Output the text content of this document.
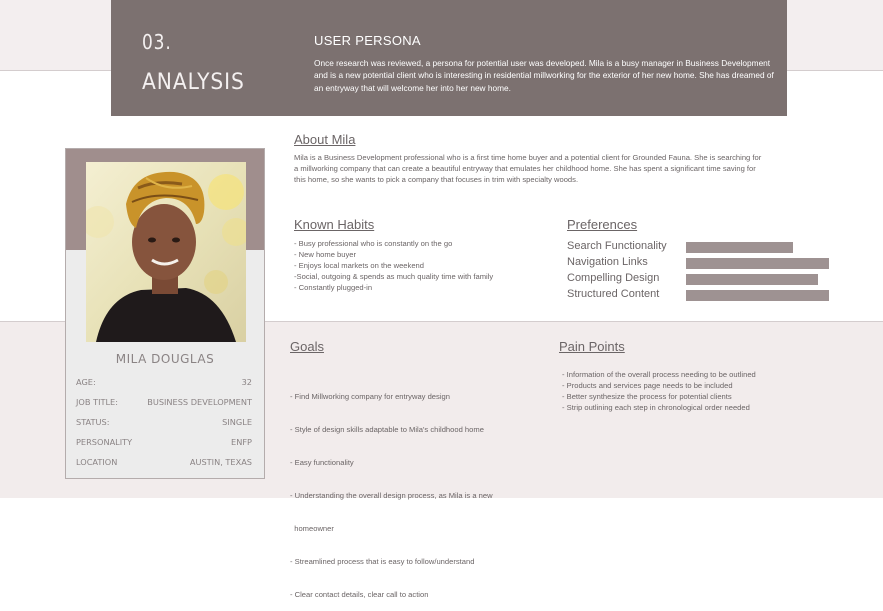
03.
ANALYSIS
USER PERSONA
Once research was reviewed, a persona for potential user was developed. Mila is a busy manager in Business Development and is a new potential client who is interesting in residential millworking for the exterior of her new home. She has dreamed of an entryway that will welcome her into her new home.
MILA DOUGLAS
AGE:	32
JOB TITLE:	BUSINESS DEVELOPMENT
STATUS:	SINGLE
PERSONALITY	ENFP
LOCATION	AUSTIN, TEXAS
About Mila
Mila is a Business Development professional who is a first time home buyer and a potential client for Grounded Fauna. She is searching for a millworking company that can create a beautiful entryway that emulates her childhood home. She has spent a significant time saving for this home, so she wants to pick a company that focuses in trim with specialty woods.
Known Habits
- Busy professional who is constantly on the go
- New home buyer
- Enjoys local markets on the weekend
-Social, outgoing & spends as much quality time with family
- Constantly plugged-in
Preferences
Search Functionality
Navigation Links
Compelling Design
Structured Content
Goals

- Find Millworking company for entryway design

- Style of design skills adaptable to Mila's childhood home

- Easy functionality

- Understanding the overall design process, as Mila is a new

homeowner

- Streamlined process that is easy to follow/understand

- Clear contact details, clear call to action

Pain Points
- Information of the overall process needing to be outlined
- Products and services page needs to be included
- Better synthesize the process for potential clients
- Strip outlining each step in chronological order needed
